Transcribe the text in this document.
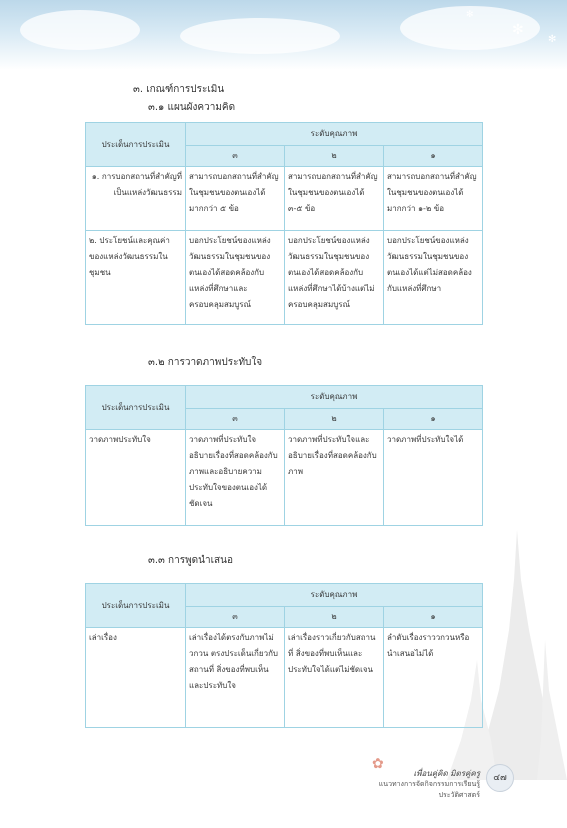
✻
✻
✻
๓. เกณฑ์การประเมิน
๓.๑ แผนผังความคิด
ประเด็นการประเมิน	ระดับคุณภาพ		
	๓	๒	๑
๑. การบอกสถานที่สำคัญที่เป็นแหล่งวัฒนธรรม	สามารถบอกสถานที่สำคัญในชุมชนของตนเองได้มากกว่า ๕ ข้อ	สามารถบอกสถานที่สำคัญในชุมชนของตนเองได้ ๓-๕ ข้อ	สามารถบอกสถานที่สำคัญในชุมชนของตนเองได้มากกว่า ๑-๒ ข้อ
๒. ประโยชน์และคุณค่าของแหล่งวัฒนธรรมในชุมชน	บอกประโยชน์ของแหล่งวัฒนธรรมในชุมชนของตนเองได้สอดคล้องกับแหล่งที่ศึกษาและครอบคลุมสมบูรณ์	บอกประโยชน์ของแหล่งวัฒนธรรมในชุมชนของตนเองได้สอดคล้องกับแหล่งที่ศึกษาได้บ้างแต่ไม่ครอบคลุมสมบูรณ์	บอกประโยชน์ของแหล่งวัฒนธรรมในชุมชนของตนเองได้แต่ไม่สอดคล้องกับแหล่งที่ศึกษา
๓.๒ การวาดภาพประทับใจ
ประเด็นการประเมิน	ระดับคุณภาพ		
	๓	๒	๑
วาดภาพประทับใจ	วาดภาพที่ประทับใจ อธิบายเรื่องที่สอดคล้องกับภาพและอธิบายความประทับใจของตนเองได้ชัดเจน	วาดภาพที่ประทับใจและอธิบายเรื่องที่สอดคล้องกับภาพ	วาดภาพที่ประทับใจได้
๓.๓ การพูดนำเสนอ
ประเด็นการประเมิน	ระดับคุณภาพ		
	๓	๒	๑
เล่าเรื่อง	เล่าเรื่องได้ตรงกับภาพไม่วกวน ตรงประเด็นเกี่ยวกับสถานที่ สิ่งของที่พบเห็นและประทับใจ	เล่าเรื่องราวเกี่ยวกับสถานที่ สิ่งของที่พบเห็นและประทับใจได้แต่ไม่ชัดเจน	ลำดับเรื่องราววกวนหรือนำเสนอไม่ได้
✿
เพื่อนคู่คิด มิตรคู่ครู
แนวทางการจัดกิจกรรมการเรียนรู้ประวัติศาสตร์
๔๗
